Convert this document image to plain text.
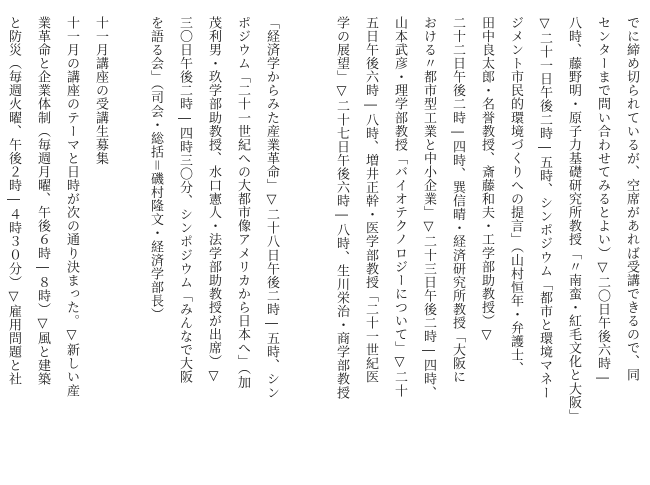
でに締め切られているが、空席があれば受講できるので、同
センターまで問い合わせてみるとよい）▽二〇日午後六時―
八時、藤野明・原子力基礎研究所教授「〃南蛮・紅毛文化と大阪」
▽二十一日午後二時―五時、シンポジウム「都市と環境マネー
ジメント市民的環境づくりへの提言」（山村恒年・弁護士、
田中良太郎・名誉教授、斎藤和夫・工学部助教授）▽
二十二日午後二時―四時、巽信晴・経済研究所教授「大阪に
おける〃都市型工業と中小企業」▽二十三日午後二時―四時、
山本武彦・理学部教授「バイオテクノロジーについて」▽二十
五日午後六時―八時、増井正幹・医学部教授「二十一世紀医
学の展望」▽二十七日午後六時―八時、生川栄治・商学部教授
「経済学からみた産業革命」▽二十八日午後二時―五時、シン
ポジウム「二十一世紀への大都市像アメリカから日本へ」（加
茂利男・玖学部助教授、水口憲人・法学部助教授が出席）▽
三〇日午後二時―四時三〇分、シンポジウム「みんなで大阪
を語る会」（司会・総括＝磯村隆文・経済学部長）
十一月講座の受講生募集
十一月の講座のテーマと日時が次の通り決まった。▽新しい産
業革命と企業体制（毎週月曜、午後６時―８時）▽風と建築
と防災（毎週火曜、午後２時―４時３０分）▽雇用問題と社
